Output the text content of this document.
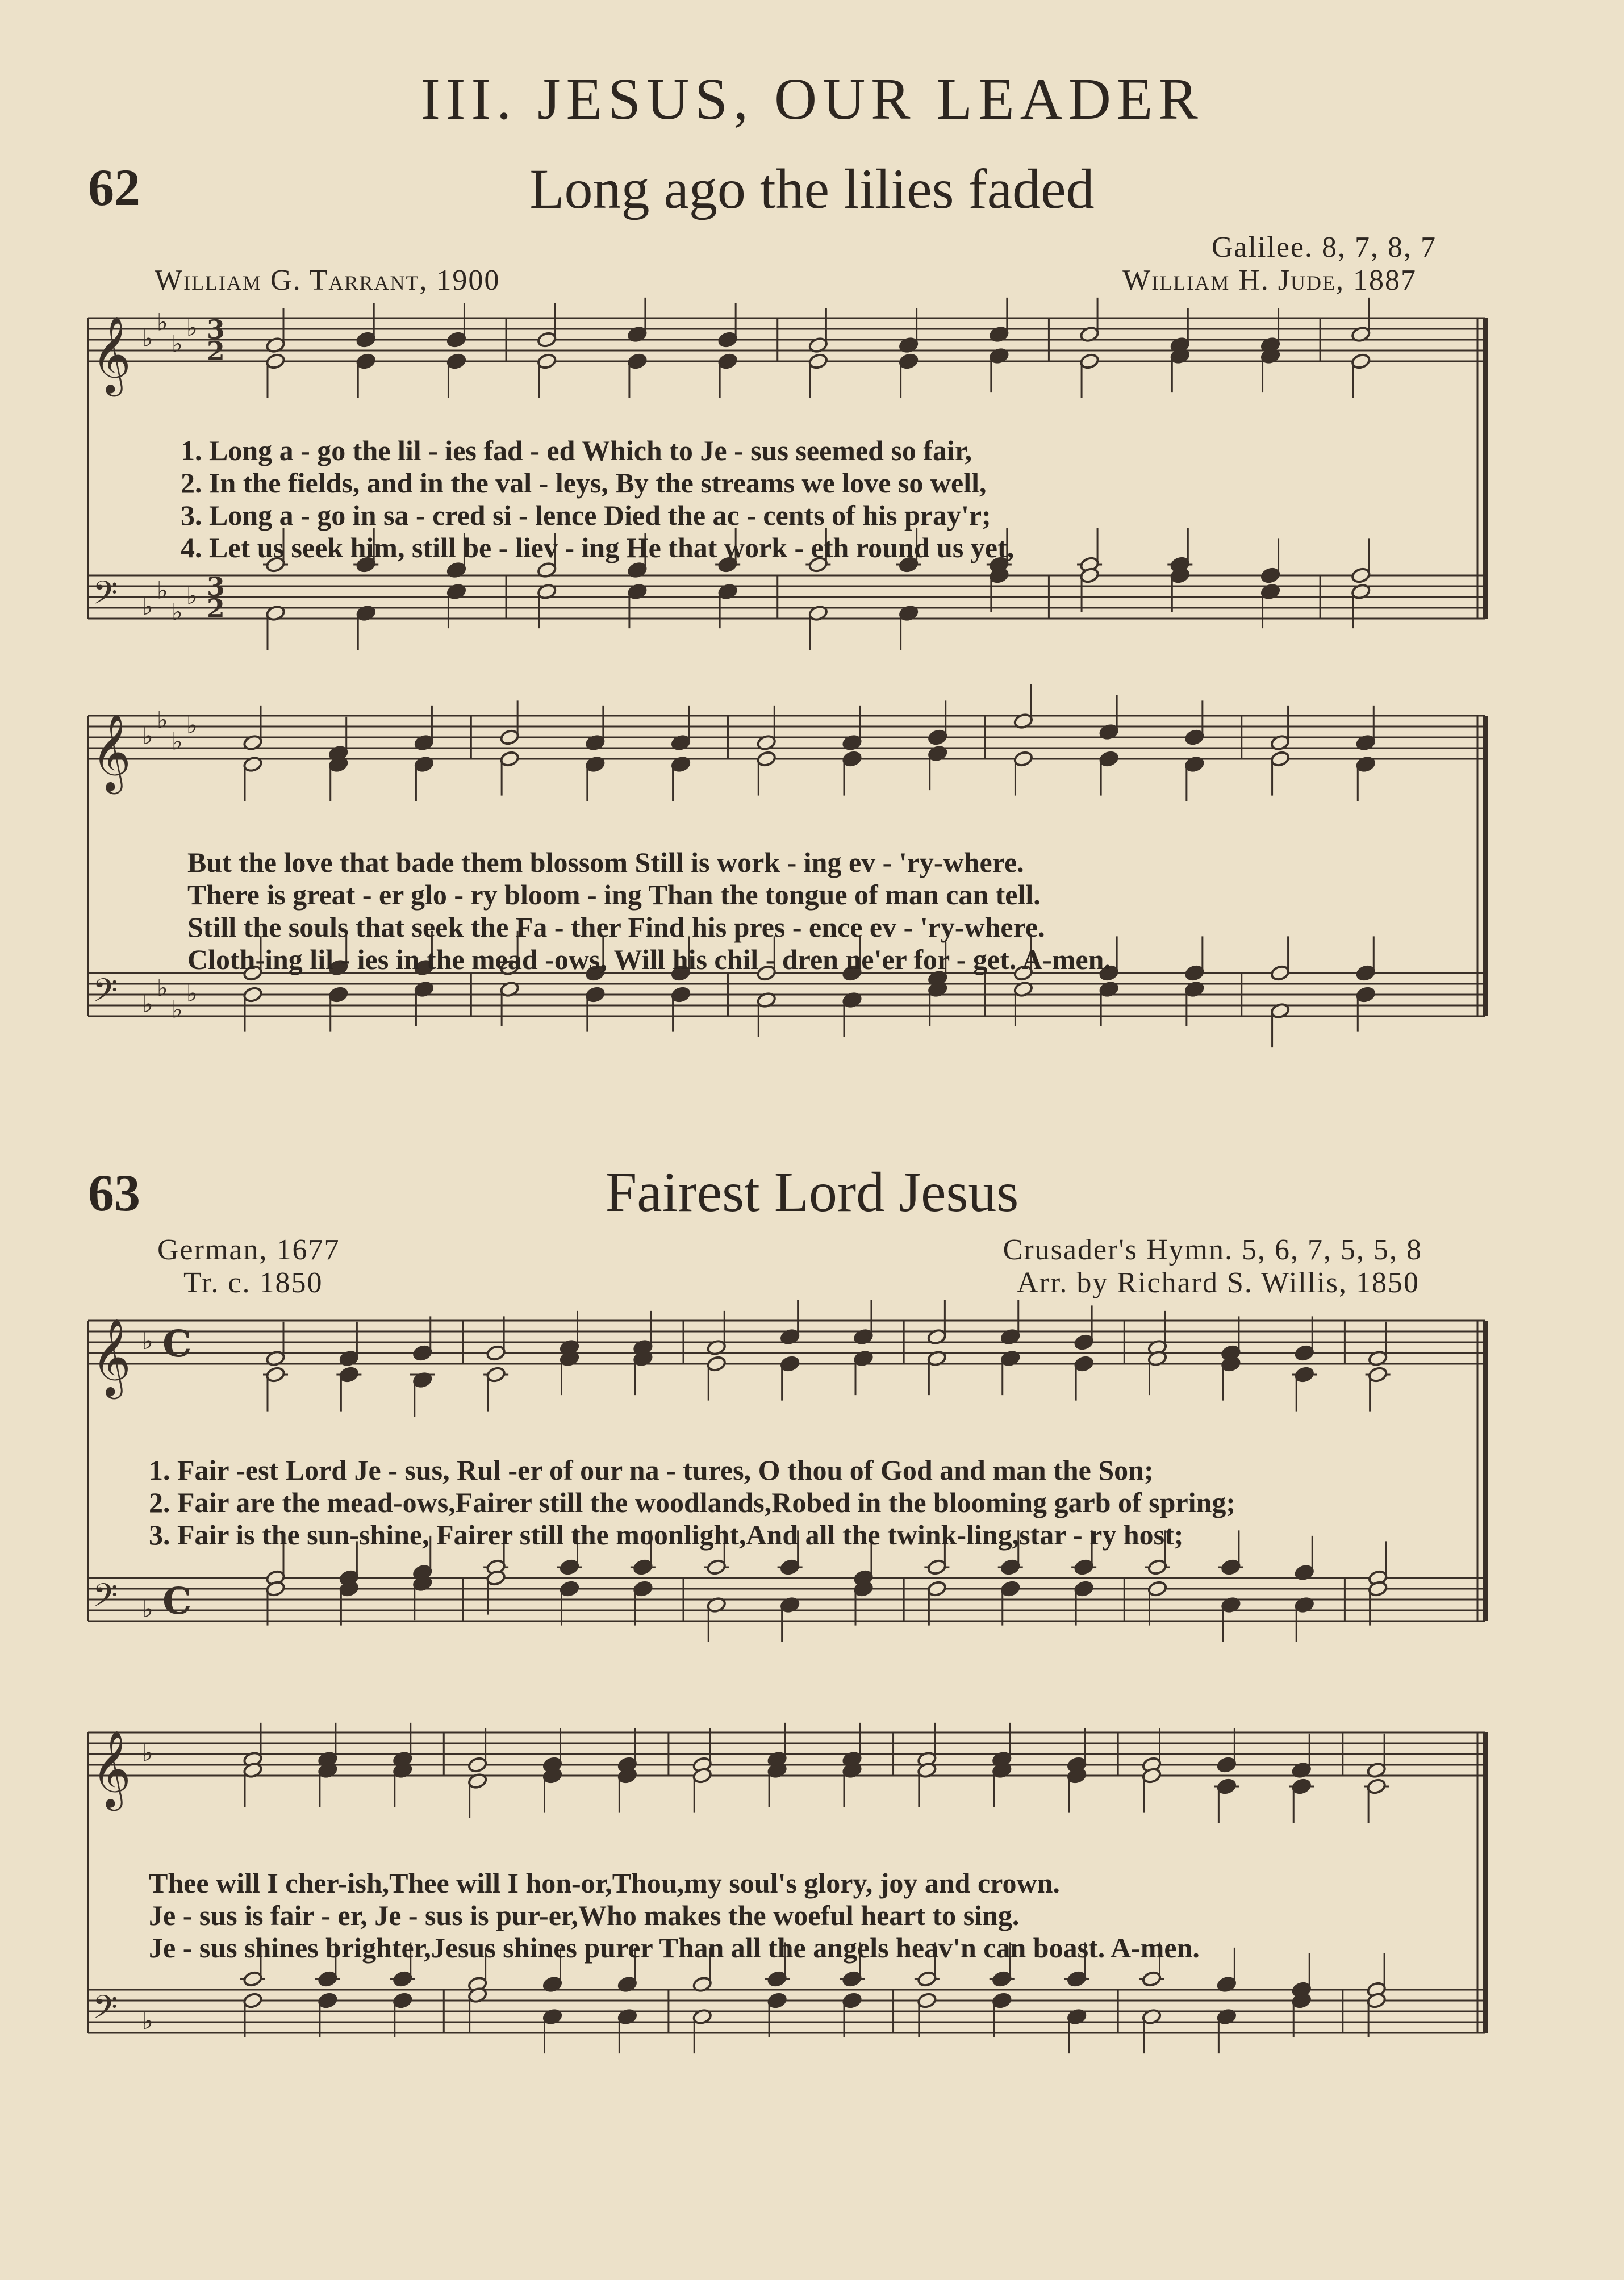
III. JESUS, OUR LEADER
62	Long ago the lilies faded
Galilee. 8, 7, 8, 7
William G. Tarrant, 1900	William H. Jude, 1887
𝄞
𝄢
♭
♭
♭
♭
♭
♭
♭
♭
3
2
3
2
1. Long a - go the lil - ies fad - ed Which to Je - sus seemed so fair,
2. In the fields, and in the val - leys, By the streams we love so well,
3. Long a - go in sa - cred si - lence Died the ac - cents of his pray'r;
4. Let us seek him, still be - liev - ing He that work - eth round us yet,
𝄞
𝄢
♭
♭
♭
♭
♭
♭
♭
♭
But the love that bade them blossom Still is work - ing ev - 'ry-where.
There is great - er glo - ry bloom - ing Than the tongue of man can tell.
Still the souls that seek the Fa - ther Find his pres - ence ev - 'ry-where.
Cloth-ing lil - ies in the mead -ows, Will his chil - dren ne'er for - get. A-men.
63	Fairest Lord Jesus
German, 1677
Tr. c. 1850
Crusader's Hymn. 5, 6, 7, 5, 5, 8
Arr. by Richard S. Willis, 1850
𝄞
𝄢
♭
♭
C
C
1. Fair -est Lord Je - sus, Rul -er of our na - tures, O thou of God and man the Son;
2. Fair are the mead-ows,Fairer still the woodlands,Robed in the blooming garb of spring;
3. Fair is the sun-shine, Fairer still the moonlight,And all the twink-ling,star - ry host;
𝄞
𝄢
♭
♭
Thee will I cher-ish,Thee will I hon-or,Thou,my soul's glory, joy and crown.
Je - sus is fair - er, Je - sus is pur-er,Who makes the woeful heart to sing.
Je - sus shines brighter,Jesus shines purer Than all the angels heav'n can boast. A-men.
